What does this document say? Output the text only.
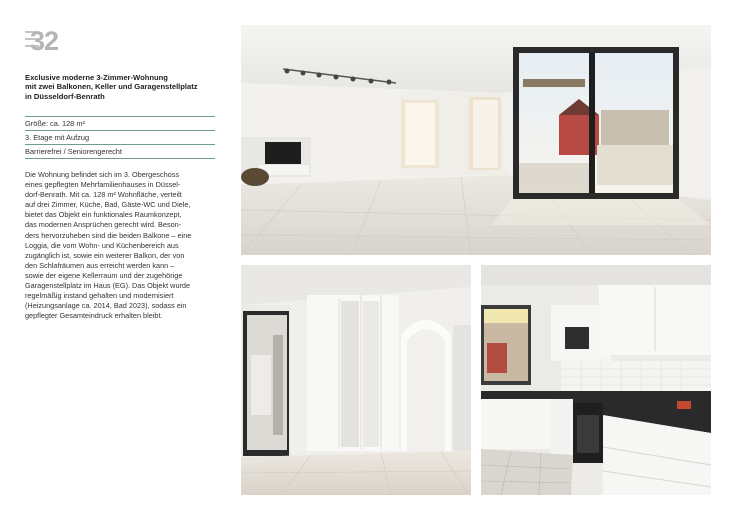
32
Exclusive moderne 3-Zimmer-Wohnung
mit zwei Balkonen, Keller und Garagenstellplatz
in Düsseldorf-Benrath
Größe: ca. 128 m²
3. Etage mit Aufzug
Barrierefrei / Seniorengerecht
Die Wohnung befindet sich im 3. Obergeschoss
eines gepflegten Mehrfamilienhauses in Düssel-
dorf-Benrath. Mit ca. 128 m² Wohnfläche, verteilt
auf drei Zimmer, Küche, Bad, Gäste-WC und Diele,
bietet das Objekt ein funktionales Raumkonzept,
das modernen Ansprüchen gerecht wird. Beson-
ders hervorzuheben sind die beiden Balkone – eine
Loggia, die vom Wohn- und Küchenbereich aus
zugänglich ist, sowie ein weiterer Balkon, der von
den Schlafräumen aus erreicht werden kann –
sowie der eigene Kellerraum und der zugehörige
Garagenstellplatz im Haus (EG). Das Objekt wurde
regelmäßig instand gehalten und modernisiert
(Heizungsanlage ca. 2014, Bad 2023), sodass ein
gepflegter Gesamteindruck erhalten bleibt.
